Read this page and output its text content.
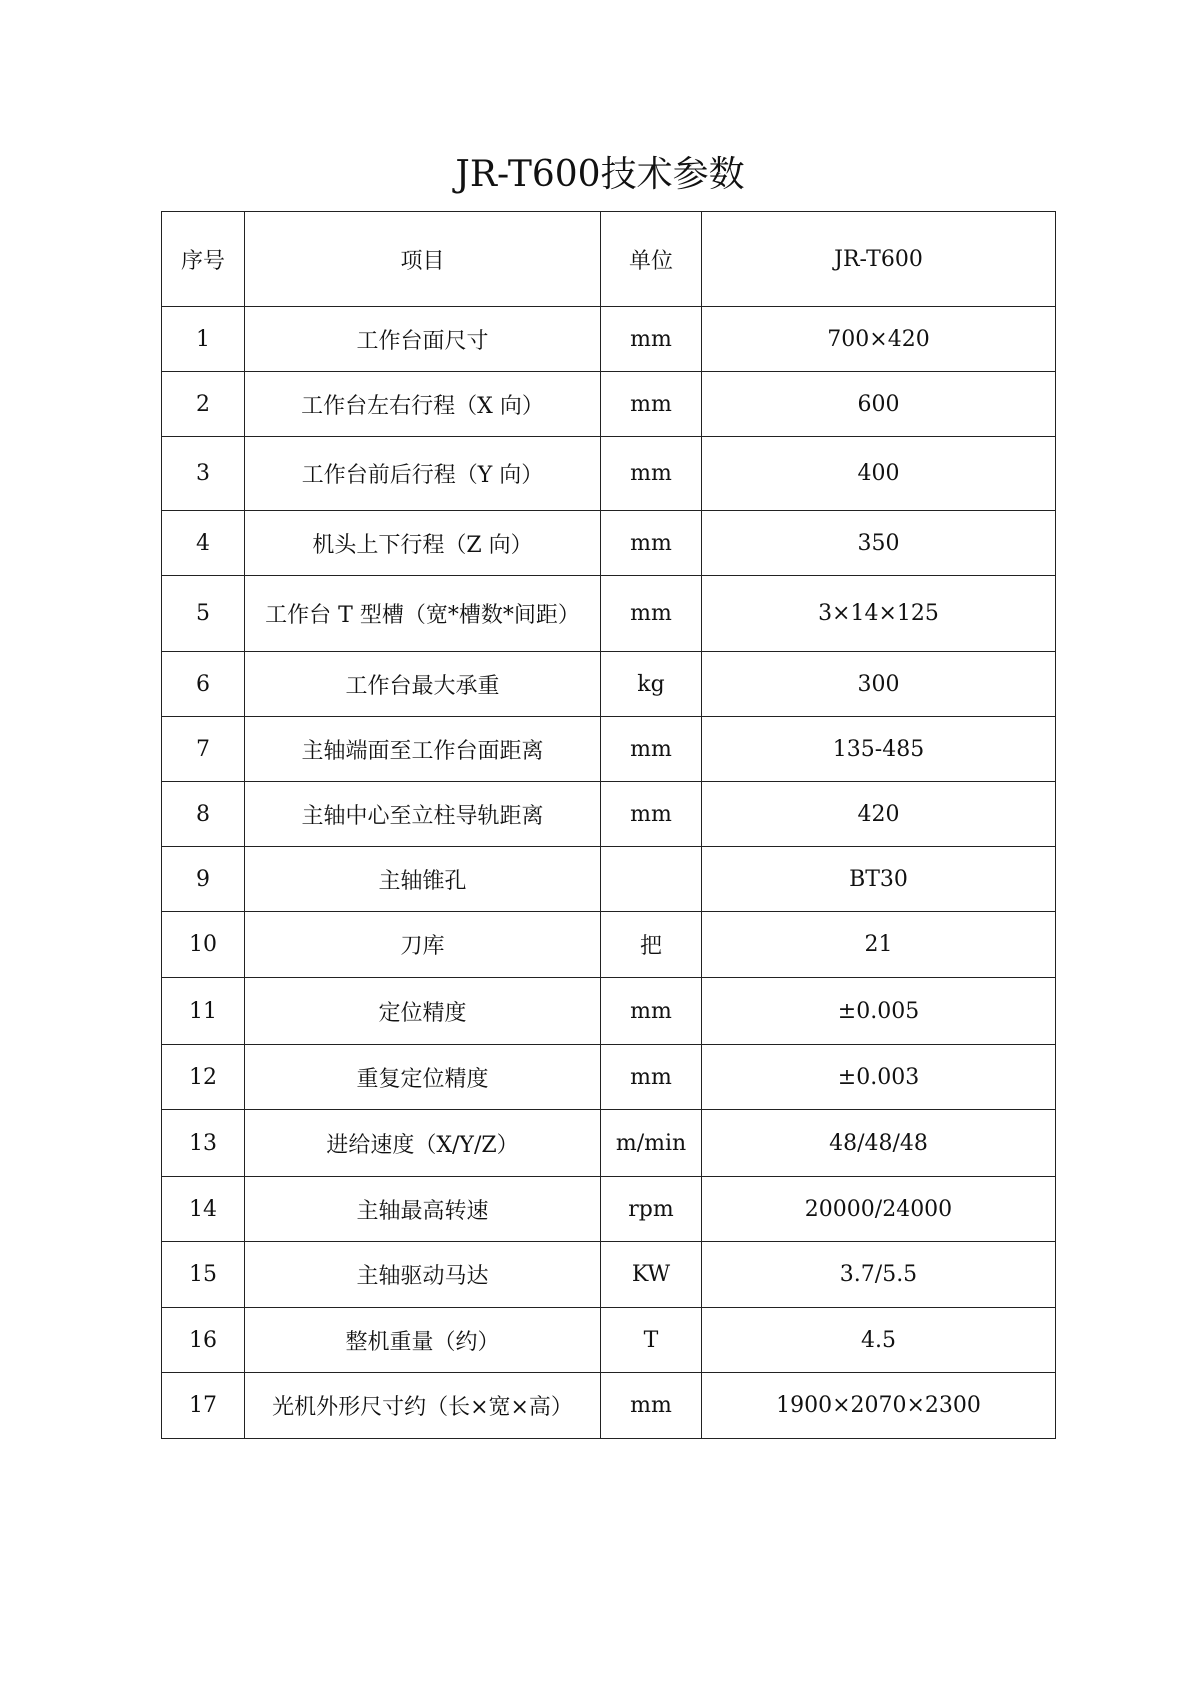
JR-T600技术参数
序号	项目	单位	JR-T600
1	工作台面尺寸	mm	700×420
2	工作台左右行程（X 向）	mm	600
3	工作台前后行程（Y 向）	mm	400
4	机头上下行程（Z 向）	mm	350
5	工作台 T 型槽（宽*槽数*间距）	mm	3×14×125
6	工作台最大承重	kg	300
7	主轴端面至工作台面距离	mm	135-485
8	主轴中心至立柱导轨距离	mm	420
9	主轴锥孔		BT30
10	刀库	把	21
11	定位精度	mm	±0.005
12	重复定位精度	mm	±0.003
13	进给速度（X/Y/Z）	m/min	48/48/48
14	主轴最高转速	rpm	20000/24000
15	主轴驱动马达	KW	3.7/5.5
16	整机重量（约）	T	4.5
17	光机外形尺寸约（长×宽×高）	mm	1900×2070×2300
